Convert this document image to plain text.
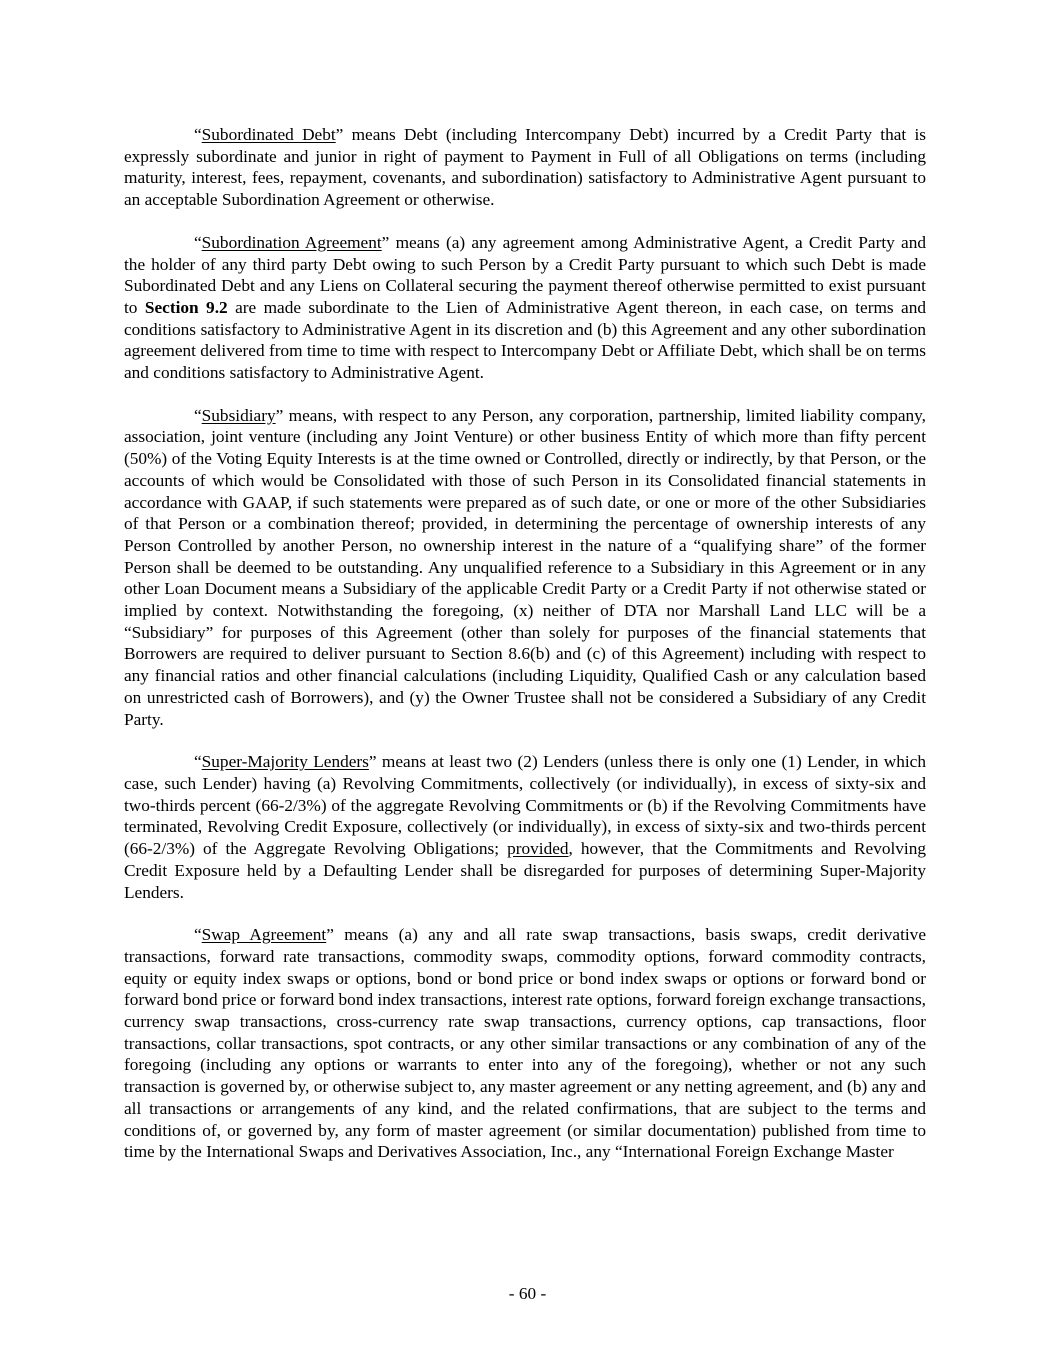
“Subordinated Debt” means Debt (including Intercompany Debt) incurred by a Credit Party that is expressly subordinate and junior in right of payment to Payment in Full of all Obligations on terms (including maturity, interest, fees, repayment, covenants, and subordination) satisfactory to Administrative Agent pursuant to an acceptable Subordination Agreement or otherwise.

“Subordination Agreement” means (a) any agreement among Administrative Agent, a Credit Party and the holder of any third party Debt owing to such Person by a Credit Party pursuant to which such Debt is made Subordinated Debt and any Liens on Collateral securing the payment thereof otherwise permitted to exist pursuant to Section 9.2 are made subordinate to the Lien of Administrative Agent thereon, in each case, on terms and conditions satisfactory to Administrative Agent in its discretion and (b) this Agreement and any other subordination agreement delivered from time to time with respect to Intercompany Debt or Affiliate Debt, which shall be on terms and conditions satisfactory to Administrative Agent.

“Subsidiary” means, with respect to any Person, any corporation, partnership, limited liability company, association, joint venture (including any Joint Venture) or other business Entity of which more than fifty percent (50%) of the Voting Equity Interests is at the time owned or Controlled, directly or indirectly, by that Person, or the accounts of which would be Consolidated with those of such Person in its Consolidated financial statements in accordance with GAAP, if such statements were prepared as of such date, or one or more of the other Subsidiaries of that Person or a combination thereof; provided, in determining the percentage of ownership interests of any Person Controlled by another Person, no ownership interest in the nature of a “qualifying share” of the former Person shall be deemed to be outstanding. Any unqualified reference to a Subsidiary in this Agreement or in any other Loan Document means a Subsidiary of the applicable Credit Party or a Credit Party if not otherwise stated or implied by context. Notwithstanding the foregoing, (x) neither of DTA nor Marshall Land LLC will be a “Subsidiary” for purposes of this Agreement (other than solely for purposes of the financial statements that Borrowers are required to deliver pursuant to Section 8.6(b) and (c) of this Agreement) including with respect to any financial ratios and other financial calculations (including Liquidity, Qualified Cash or any calculation based on unrestricted cash of Borrowers), and (y) the Owner Trustee shall not be considered a Subsidiary of any Credit Party.

“Super-Majority Lenders” means at least two (2) Lenders (unless there is only one (1) Lender, in which case, such Lender) having (a) Revolving Commitments, collectively (or individually), in excess of sixty-six and two-thirds percent (66-2/3%) of the aggregate Revolving Commitments or (b) if the Revolving Commitments have terminated, Revolving Credit Exposure, collectively (or individually), in excess of sixty-six and two-thirds percent (66-2/3%) of the Aggregate Revolving Obligations; provided, however, that the Commitments and Revolving Credit Exposure held by a Defaulting Lender shall be disregarded for purposes of determining Super-Majority Lenders.

“Swap Agreement” means (a) any and all rate swap transactions, basis swaps, credit derivative transactions, forward rate transactions, commodity swaps, commodity options, forward commodity contracts, equity or equity index swaps or options, bond or bond price or bond index swaps or options or forward bond or forward bond price or forward bond index transactions, interest rate options, forward foreign exchange transactions, currency swap transactions, cross-currency rate swap transactions, currency options, cap transactions, floor transactions, collar transactions, spot contracts, or any other similar transactions or any combination of any of the foregoing (including any options or warrants to enter into any of the foregoing), whether or not any such transaction is governed by, or otherwise subject to, any master agreement or any netting agreement, and (b) any and all transactions or arrangements of any kind, and the related confirmations, that are subject to the terms and conditions of, or governed by, any form of master agreement (or similar documentation) published from time to time by the International Swaps and Derivatives Association, Inc., any “International Foreign Exchange Master

- 60 -
